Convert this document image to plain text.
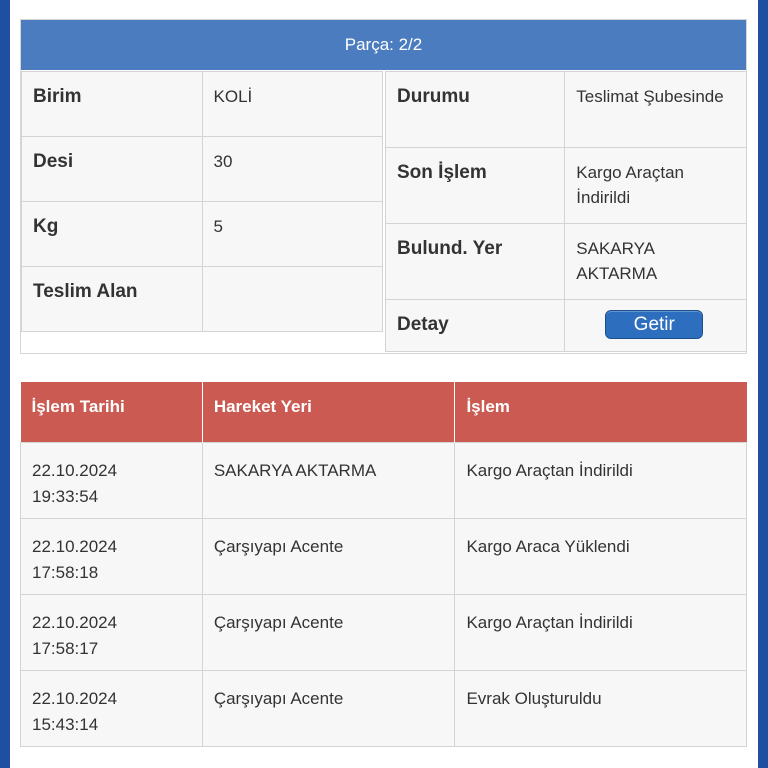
Parça: 2/2
Birim	KOLİ
Desi	30
Kg	5
Teslim Alan	
Durumu	Teslimat Şubesinde
Son İşlem	Kargo Araçtan İndirildi
Bulund. Yer	SAKARYA AKTARMA
Detay	Getir
İşlem Tarihi	Hareket Yeri	İşlem

22.10.2024
19:33:54	SAKARYA AKTARMA	Kargo Araçtan İndirildi

22.10.2024
17:58:18	Çarşıyapı Acente	Kargo Araca Yüklendi

22.10.2024
17:58:17	Çarşıyapı Acente	Kargo Araçtan İndirildi

22.10.2024
15:43:14	Çarşıyapı Acente	Evrak Oluşturuldu
